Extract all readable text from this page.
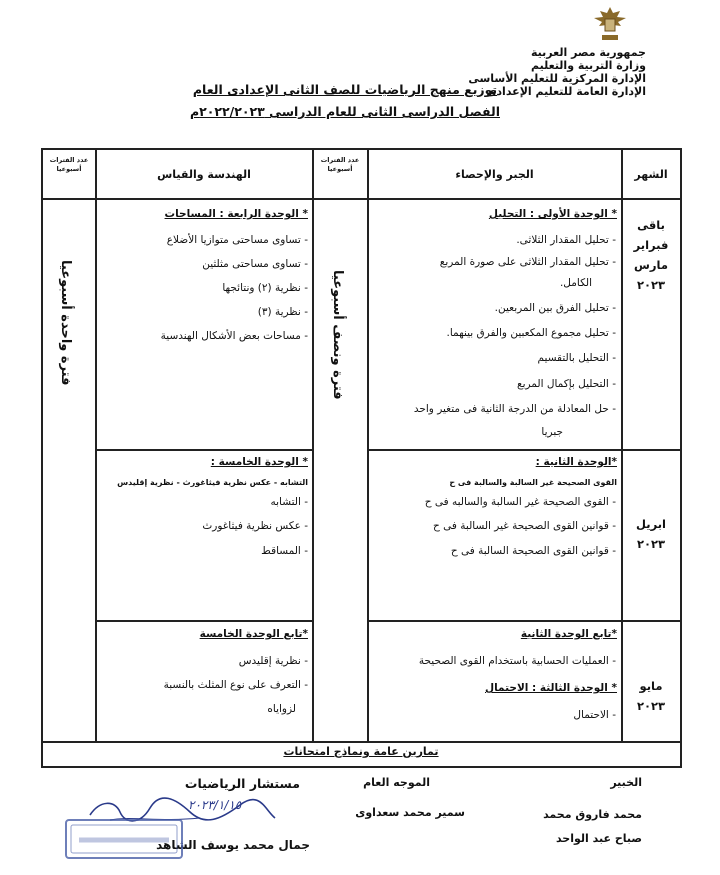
جمهورية مصر العربية
وزارة التربية والتعليم
الإدارة المركزية للتعليم الأساسى
الإدارة العامة للتعليم الإعدادى
توزيع منهج الرياضيات للصف الثانى الإعدادى العام
الفصل الدراسى الثانى للعام الدراسى ٢٠٢٢/٢٠٢٣م
الشهر
الجبر والإحصاء
عدد الفترات أسبوعيا
الهندسة والقياس
عدد الفترات أسبوعيا
فترة ونصف أسبوعيا
فترة واحدة أسبوعيا
باقى
فبراير
مارس
٢٠٢٣
* الوحدة الأولى : التحليل
- تحليل المقدار الثلاثى.
- تحليل المقدار الثلاثى على صورة المربع
الكامل.
- تحليل الفرق بين المربعين.
- تحليل مجموع المكعبين والفرق بينهما.
- التحليل بالتقسيم
- التحليل بإكمال المربع
- حل المعادلة من الدرجة الثانية فى متغير واحد
جبريا
* الوحدة الرابعة : المساحات
- تساوى مساحتى متوازيا الأضلاع
- تساوى مساحتى مثلثين
- نظرية (٢) ونتائجها
- نظرية (٣)
- مساحات بعض الأشكال الهندسية
ابريل
٢٠٢٣
*الوحدة الثانية :
القوى الصحيحة غير السالبة والسالبة فى ح
- القوى الصحيحة غير السالبة والسالبه فى ح
- قوانين القوى الصحيحة غير السالبة فى ح
- قوانين القوى الصحيحة السالبة فى ح
* الوحدة الخامسة :
التشابه - عكس نظرية فيثاغورث - نظرية إقليدس
- التشابه
- عكس نظرية فيثاغورث
- المساقط
مايو
٢٠٢٣
*تابع الوحدة الثانية
- العمليات الحسابية باستخدام القوى الصحيحة
* الوحدة الثالثة : الاحتمال
- الاحتمال
*تابع الوحدة الخامسة
- نظرية إقليدس
- التعرف على نوع المثلث بالنسبة
لزواياه
تمارين عامة ونماذج امتحانات
الخبير
محمد فاروق محمد
صباح عبد الواحد
الموجه العام
سمير محمد سعداوى
مستشار الرياضيات
جمال محمد يوسف الشاهد
٢٠٢٣/١/١٥
